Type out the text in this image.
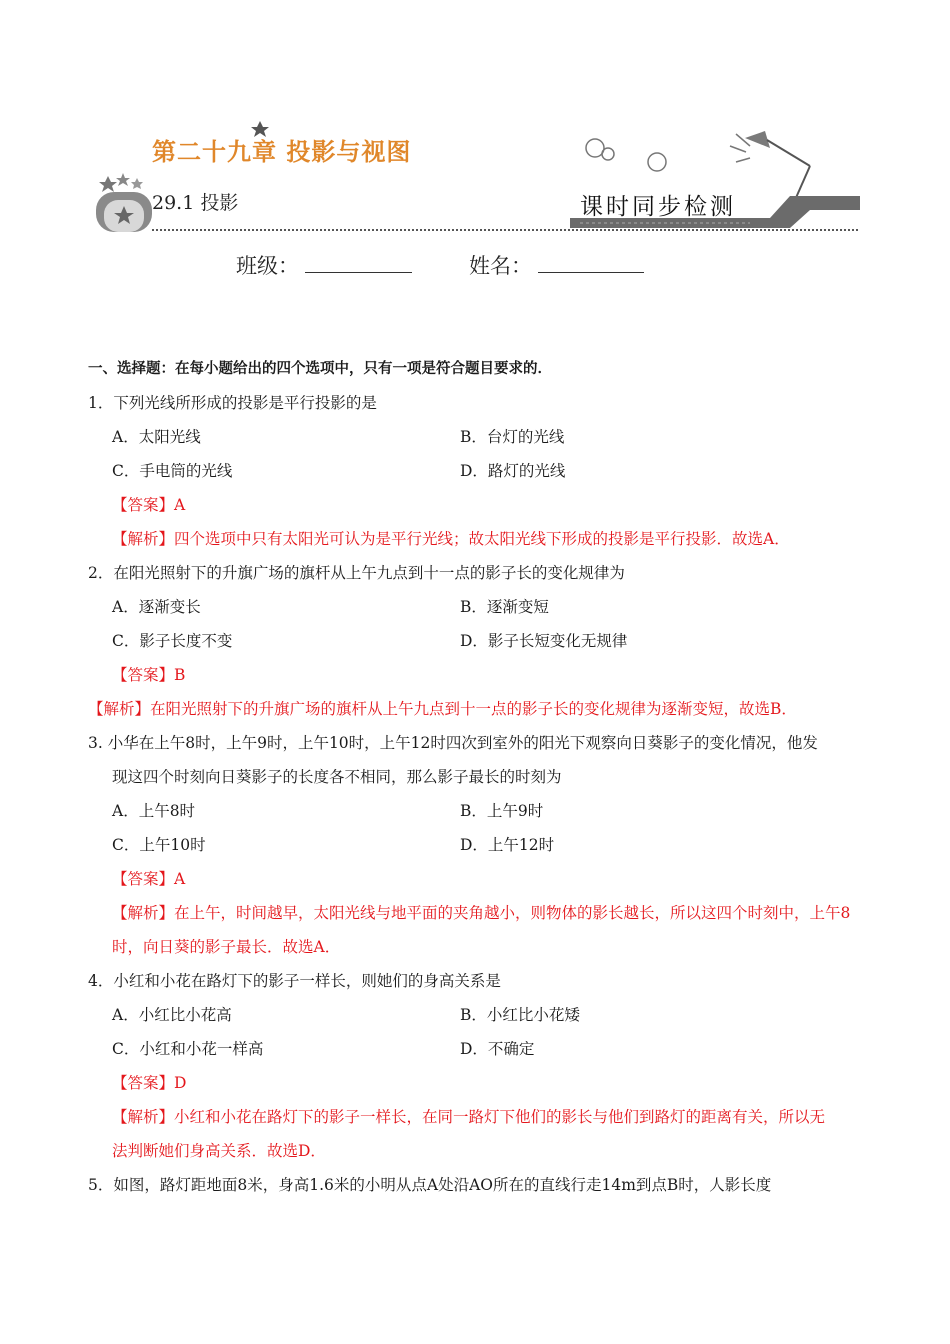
第二十九章 投影与视图
29.1 投影	课时同步检测
班级：	姓名：
一、选择题：在每小题给出的四个选项中，只有一项是符合题目要求的．
1．下列光线所形成的投影是平行投影的是
A．太阳光线	B．台灯的光线
C．手电筒的光线	D．路灯的光线
【答案】A
【解析】四个选项中只有太阳光可认为是平行光线；故太阳光线下形成的投影是平行投影．故选A．
2．在阳光照射下的升旗广场的旗杆从上午九点到十一点的影子长的变化规律为
A．逐渐变长	B．逐渐变短
C．影子长度不变	D．影子长短变化无规律
【答案】B
【解析】在阳光照射下的升旗广场的旗杆从上午九点到十一点的影子长的变化规律为逐渐变短，故选B．
3. 小华在上午8时，上午9时，上午10时，上午12时四次到室外的阳光下观察向日葵影子的变化情况，他发
现这四个时刻向日葵影子的长度各不相同，那么影子最长的时刻为
A．上午8时	B．上午9时
C．上午10时	D．上午12时
【答案】A
【解析】在上午，时间越早，太阳光线与地平面的夹角越小，则物体的影长越长，所以这四个时刻中，上午8
时，向日葵的影子最长．故选A．
4．小红和小花在路灯下的影子一样长，则她们的身高关系是
A．小红比小花高	B．小红比小花矮
C．小红和小花一样高	D．不确定
【答案】D
【解析】小红和小花在路灯下的影子一样长，在同一路灯下他们的影长与他们到路灯的距离有关，所以无
法判断她们身高关系．故选D．
5．如图，路灯距地面8米，身高1.6米的小明从点A处沿AO所在的直线行走14m到点B时，人影长度
